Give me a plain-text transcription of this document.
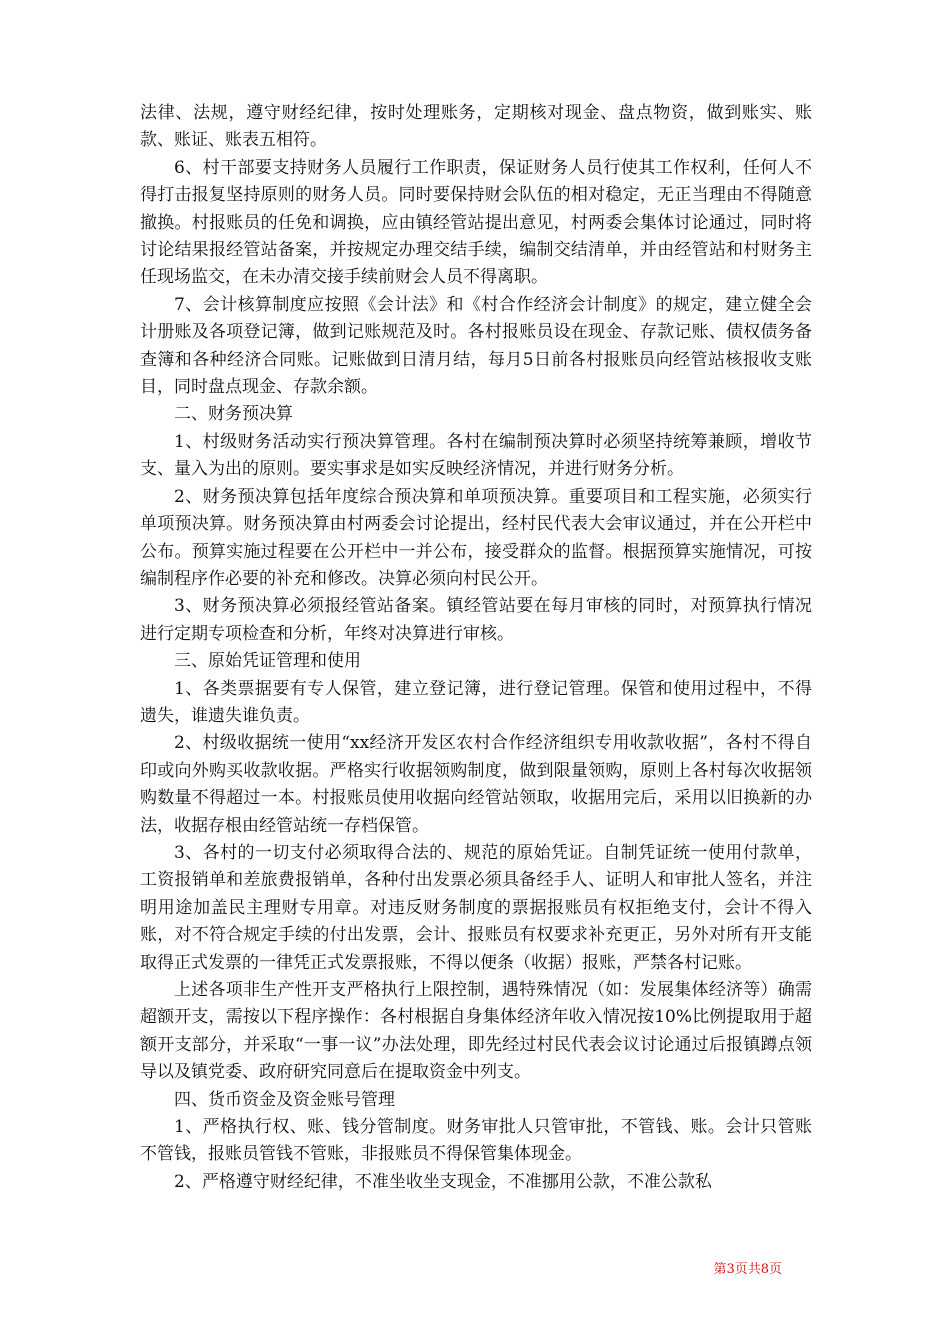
法律、法规，遵守财经纪律，按时处理账务，定期核对现金、盘点物资，做到账实、账款、账证、账表五相符。

6、村干部要支持财务人员履行工作职责，保证财务人员行使其工作权利，任何人不得打击报复坚持原则的财务人员。同时要保持财会队伍的相对稳定，无正当理由不得随意撤换。村报账员的任免和调换，应由镇经管站提出意见，村两委会集体讨论通过，同时将讨论结果报经管站备案，并按规定办理交结手续，编制交结清单，并由经管站和村财务主任现场监交，在未办清交接手续前财会人员不得离职。

7、会计核算制度应按照《会计法》和《村合作经济会计制度》的规定，建立健全会计册账及各项登记簿，做到记账规范及时。各村报账员设在现金、存款记账、债权债务备查簿和各种经济合同账。记账做到日清月结，每月5日前各村报账员向经管站核报收支账目，同时盘点现金、存款余额。

二、财务预决算

1、村级财务活动实行预决算管理。各村在编制预决算时必须坚持统筹兼顾，增收节支、量入为出的原则。要实事求是如实反映经济情况，并进行财务分析。

2、财务预决算包括年度综合预决算和单项预决算。重要项目和工程实施，必须实行单项预决算。财务预决算由村两委会讨论提出，经村民代表大会审议通过，并在公开栏中公布。预算实施过程要在公开栏中一并公布，接受群众的监督。根据预算实施情况，可按编制程序作必要的补充和修改。决算必须向村民公开。

3、财务预决算必须报经管站备案。镇经管站要在每月审核的同时，对预算执行情况进行定期专项检查和分析，年终对决算进行审核。

三、原始凭证管理和使用

1、各类票据要有专人保管，建立登记簿，进行登记管理。保管和使用过程中，不得遗失，谁遗失谁负责。

2、村级收据统一使用“xx经济开发区农村合作经济组织专用收款收据”，各村不得自印或向外购买收款收据。严格实行收据领购制度，做到限量领购，原则上各村每次收据领购数量不得超过一本。村报账员使用收据向经管站领取，收据用完后，采用以旧换新的办法，收据存根由经管站统一存档保管。

3、各村的一切支付必须取得合法的、规范的原始凭证。自制凭证统一使用付款单，工资报销单和差旅费报销单，各种付出发票必须具备经手人、证明人和审批人签名，并注明用途加盖民主理财专用章。对违反财务制度的票据报账员有权拒绝支付，会计不得入账，对不符合规定手续的付出发票，会计、报账员有权要求补充更正，另外对所有开支能取得正式发票的一律凭正式发票报账，不得以便条（收据）报账，严禁各村记账。

上述各项非生产性开支严格执行上限控制，遇特殊情况（如：发展集体经济等）确需超额开支，需按以下程序操作：各村根据自身集体经济年收入情况按10%比例提取用于超额开支部分，并采取“一事一议”办法处理，即先经过村民代表会议讨论通过后报镇蹲点领导以及镇党委、政府研究同意后在提取资金中列支。

四、货币资金及资金账号管理

1、严格执行权、账、钱分管制度。财务审批人只管审批，不管钱、账。会计只管账不管钱，报账员管钱不管账，非报账员不得保管集体现金。

2、严格遵守财经纪律，不准坐收坐支现金，不准挪用公款，不准公款私

第3页共8页
